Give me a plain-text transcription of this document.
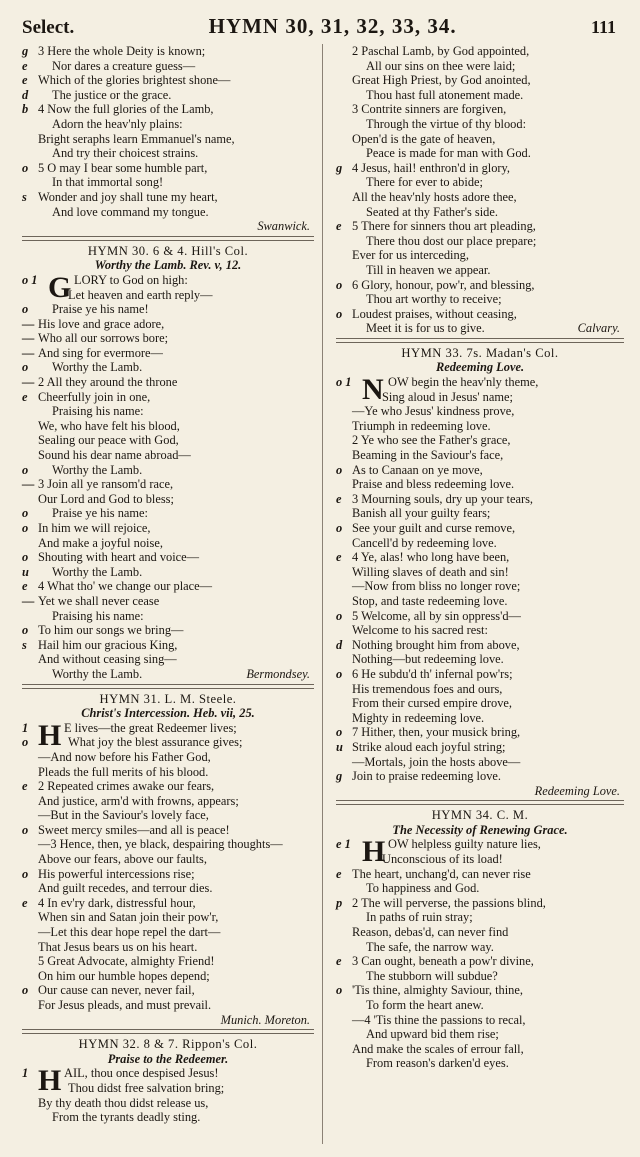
Select.	HYMN 30, 31, 32, 33, 34.	111
g 3 Here the whole Deity is known;
e	Nor dares a creature guess—
e Which of the glories brightest shone—
d	The justice or the grace.
b 4 Now the full glories of the Lamb,
Adorn the heav'nly plains:
Bright seraphs learn Emmanuel's name,
And try their choicest strains.
o 5 O may I bear some humble part,
In that immortal song!
s Wonder and joy shall tune my heart,
And love command my tongue.
Swanwick.
HYMN 30. 6 & 4. Hill's Col.
Worthy the Lamb. Rev. v, 12.
o 1 G LORY to God on high:
Let heaven and earth reply—
o	Praise ye his name!
— His love and grace adore,
— Who all our sorrows bore;
— And sing for evermore—
o	Worthy the Lamb.
— 2 All they around the throne
e Cheerfully join in one,
Praising his name:
We, who have felt his blood,
Sealing our peace with God,
Sound his dear name abroad—
o	Worthy the Lamb.
— 3 Join all ye ransom'd race,
Our Lord and God to bless;
o	Praise ye his name:
o In him we will rejoice,
And make a joyful noise,
o Shouting with heart and voice—
u	Worthy the Lamb.
e 4 What tho' we change our place—
— Yet we shall never cease
Praising his name:
o To him our songs we bring—
s Hail him our gracious King,
And without ceasing sing—
Worthy the Lamb.	Bermondsey.
HYMN 31. L. M. Steele.
Christ's Intercession. Heb. vii, 25.
1 H E lives—the great Redeemer lives;
o	What joy the blest assurance gives;
—And now before his Father God,
Pleads the full merits of his blood.
e 2 Repeated crimes awake our fears,
And justice, arm'd with frowns, appears;
—But in the Saviour's lovely face,
o Sweet mercy smiles—and all is peace!
—3 Hence, then, ye black, despairing thoughts—
Above our fears, above our faults,
o His powerful intercessions rise;
And guilt recedes, and terrour dies.
e 4 In ev'ry dark, distressful hour,
When sin and Satan join their pow'r,
—Let this dear hope repel the dart—
That Jesus bears us on his heart.
5 Great Advocate, almighty Friend!
On him our humble hopes depend;
o Our cause can never, never fail,
For Jesus pleads, and must prevail.
Munich. Moreton.
HYMN 32. 8 & 7. Rippon's Col.
Praise to the Redeemer.
1 H AIL, thou once despised Jesus!
Thou didst free salvation bring;
By thy death thou didst release us,
From the tyrants deadly sting.
2 Paschal Lamb, by God appointed,
All our sins on thee were laid;
Great High Priest, by God anointed,
Thou hast full atonement made.
3 Contrite sinners are forgiven,
Through the virtue of thy blood:
Open'd is the gate of heaven,
Peace is made for man with God.
g 4 Jesus, hail! enthron'd in glory,
There for ever to abide;
All the heav'nly hosts adore thee,
Seated at thy Father's side.
e 5 There for sinners thou art pleading,
There thou dost our place prepare;
Ever for us interceding,
Till in heaven we appear.
o 6 Glory, honour, pow'r, and blessing,
Thou art worthy to receive;
o Loudest praises, without ceasing,
Meet it is for us to give.	Calvary.
HYMN 33. 7s. Madan's Col.
Redeeming Love.
o 1 N OW begin the heav'nly theme,
Sing aloud in Jesus' name;
—Ye who Jesus' kindness prove,
Triumph in redeeming love.
2 Ye who see the Father's grace,
Beaming in the Saviour's face,
o As to Canaan on ye move,
Praise and bless redeeming love.
e 3 Mourning souls, dry up your tears,
Banish all your guilty fears;
o See your guilt and curse remove,
Cancell'd by redeeming love.
e 4 Ye, alas! who long have been,
Willing slaves of death and sin!
—Now from bliss no longer rove;
Stop, and taste redeeming love.
o 5 Welcome, all by sin oppress'd—
Welcome to his sacred rest:
d Nothing brought him from above,
Nothing—but redeeming love.
o 6 He subdu'd th' infernal pow'rs;
His tremendous foes and ours,
From their cursed empire drove,
Mighty in redeeming love.
o 7 Hither, then, your musick bring,
u Strike aloud each joyful string;
—Mortals, join the hosts above—
g Join to praise redeeming love.
Redeeming Love.
HYMN 34. C. M.
The Necessity of Renewing Grace.
e 1 H OW helpless guilty nature lies,
Unconscious of its load!
e The heart, unchang'd, can never rise
To happiness and God.
p 2 The will perverse, the passions blind,
In paths of ruin stray;
Reason, debas'd, can never find
The safe, the narrow way.
e 3 Can ought, beneath a pow'r divine,
The stubborn will subdue?
o 'Tis thine, almighty Saviour, thine,
To form the heart anew.
—4 'Tis thine the passions to recal,
And upward bid them rise;
And make the scales of errour fall,
From reason's darken'd eyes.
